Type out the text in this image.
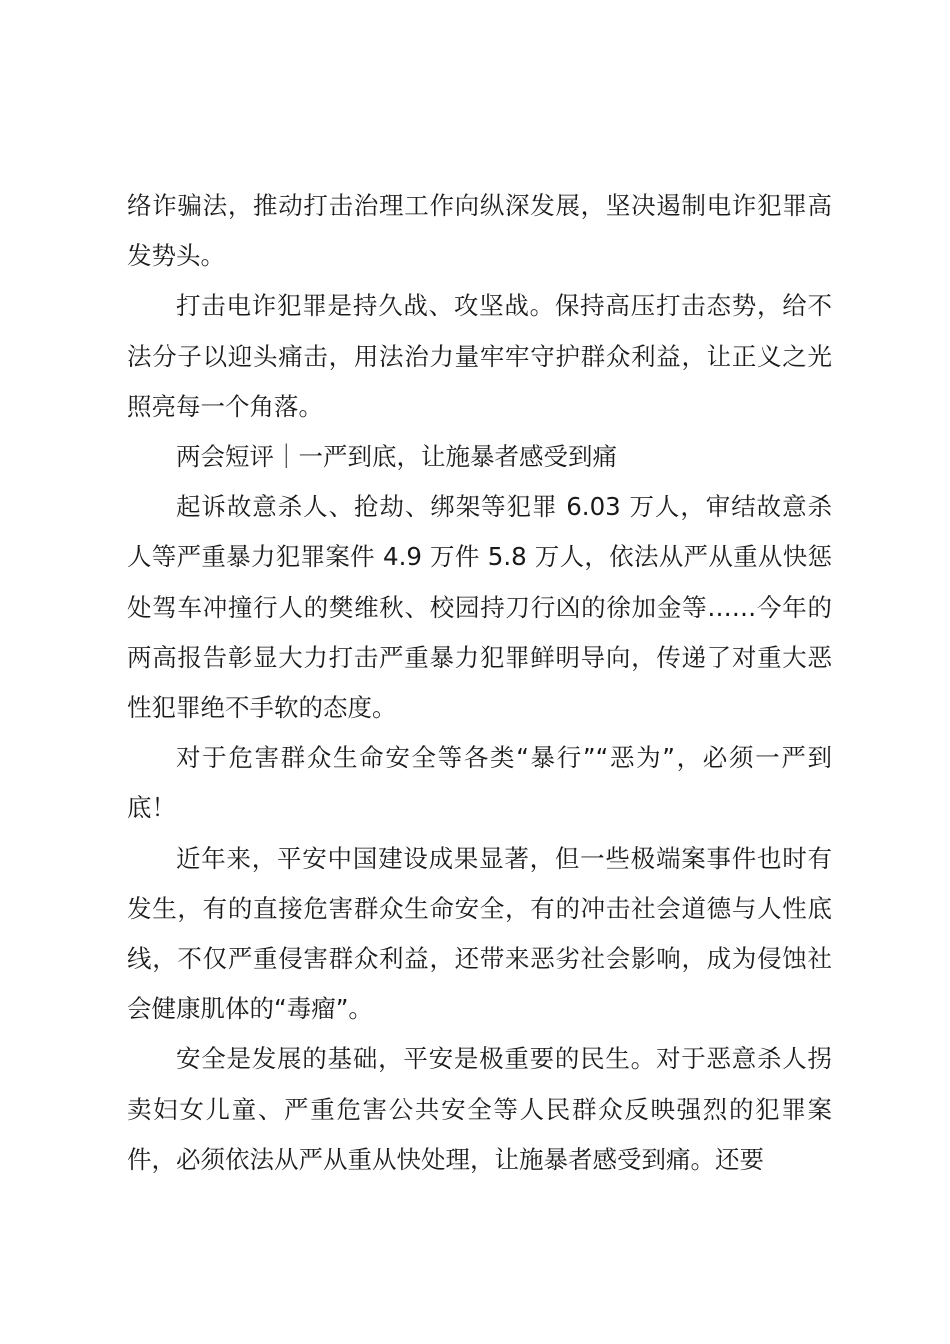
络诈骗法，推动打击治理工作向纵深发展，坚决遏制电诈犯罪高发势头。

打击电诈犯罪是持久战、攻坚战。保持高压打击态势，给不法分子以迎头痛击，用法治力量牢牢守护群众利益，让正义之光照亮每一个角落。

两会短评｜一严到底，让施暴者感受到痛

起诉故意杀人、抢劫、绑架等犯罪 6.03 万人，审结故意杀人等严重暴力犯罪案件 4.9 万件 5.8 万人，依法从严从重从快惩处驾车冲撞行人的樊维秋、校园持刀行凶的徐加金等……今年的两高报告彰显大力打击严重暴力犯罪鲜明导向，传递了对重大恶性犯罪绝不手软的态度。

对于危害群众生命安全等各类“暴行”“恶为”，必须一严到底！

近年来，平安中国建设成果显著，但一些极端案事件也时有发生，有的直接危害群众生命安全，有的冲击社会道德与人性底线，不仅严重侵害群众利益，还带来恶劣社会影响，成为侵蚀社会健康肌体的“毒瘤”。

安全是发展的基础，平安是极重要的民生。对于恶意杀人拐卖妇女儿童、严重危害公共安全等人民群众反映强烈的犯罪案件，必须依法从严从重从快处理，让施暴者感受到痛。还要
